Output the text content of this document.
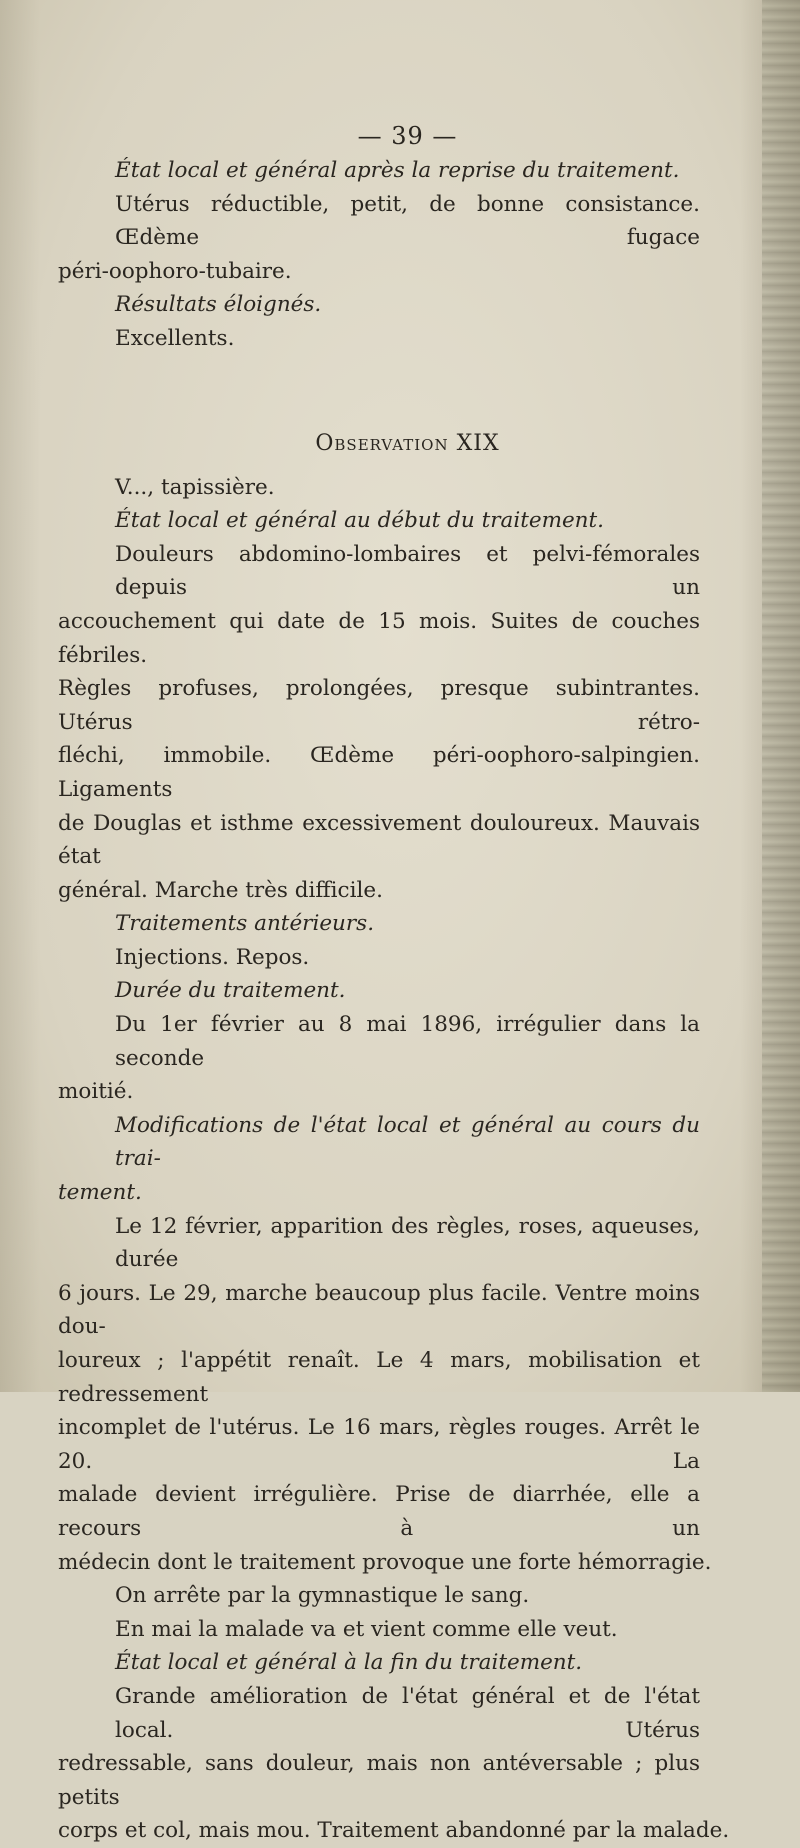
— 39 —
État local et général après la reprise du traitement.
Utérus réductible, petit, de bonne consistance. Œdème fugace
péri-oophoro-tubaire.
Résultats éloignés.
Excellents.
Observation XIX
V..., tapissière.
État local et général au début du traitement.
Douleurs abdomino-lombaires et pelvi-fémorales depuis un
accouchement qui date de 15 mois. Suites de couches fébriles.
Règles profuses, prolongées, presque subintrantes. Utérus rétro-
fléchi, immobile. Œdème péri-oophoro-salpingien. Ligaments
de Douglas et isthme excessivement douloureux. Mauvais état
général. Marche très difficile.
Traitements antérieurs.
Injections. Repos.
Durée du traitement.
Du 1er février au 8 mai 1896, irrégulier dans la seconde
moitié.
Modifications de l'état local et général au cours du trai-
tement.
Le 12 février, apparition des règles, roses, aqueuses, durée
6 jours. Le 29, marche beaucoup plus facile. Ventre moins dou-
loureux ; l'appétit renaît. Le 4 mars, mobilisation et redressement
incomplet de l'utérus. Le 16 mars, règles rouges. Arrêt le 20. La
malade devient irrégulière. Prise de diarrhée, elle a recours à un
médecin dont le traitement provoque une forte hémorragie.
On arrête par la gymnastique le sang.
En mai la malade va et vient comme elle veut.
État local et général à la fin du traitement.
Grande amélioration de l'état général et de l'état local. Utérus
redressable, sans douleur, mais non antéversable ; plus petits
corps et col, mais mou. Traitement abandonné par la malade.
